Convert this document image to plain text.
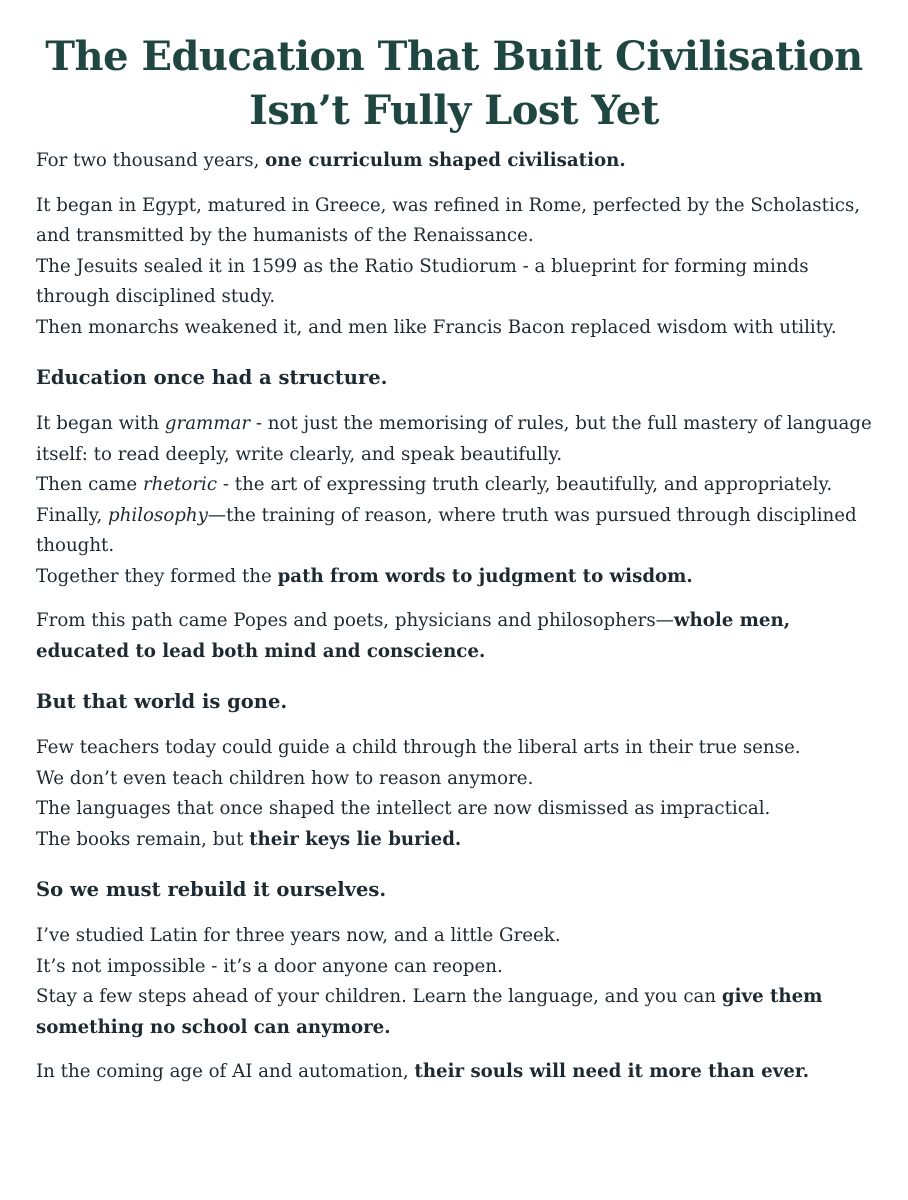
The Education That Built Civilisation
Isn’t Fully Lost Yet

For two thousand years, one curriculum shaped civilisation.

It began in Egypt, matured in Greece, was refined in Rome, perfected by the Scholastics, and transmitted by the humanists of the Renaissance.
The Jesuits sealed it in 1599 as the Ratio Studiorum - a blueprint for forming minds through disciplined study.
Then monarchs weakened it, and men like Francis Bacon replaced wisdom with utility.

Education once had a structure.

It began with grammar - not just the memorising of rules, but the full mastery of language itself: to read deeply, write clearly, and speak beautifully.
Then came rhetoric - the art of expressing truth clearly, beautifully, and appropriately.
Finally, philosophy—the training of reason, where truth was pursued through disciplined thought.
Together they formed the path from words to judgment to wisdom.

From this path came Popes and poets, physicians and philosophers—whole men, educated to lead both mind and conscience.

But that world is gone.

Few teachers today could guide a child through the liberal arts in their true sense.
We don’t even teach children how to reason anymore.
The languages that once shaped the intellect are now dismissed as impractical.
The books remain, but their keys lie buried.

So we must rebuild it ourselves.

I’ve studied Latin for three years now, and a little Greek.
It’s not impossible - it’s a door anyone can reopen.
Stay a few steps ahead of your children. Learn the language, and you can give them something no school can anymore.

In the coming age of AI and automation, their souls will need it more than ever.
